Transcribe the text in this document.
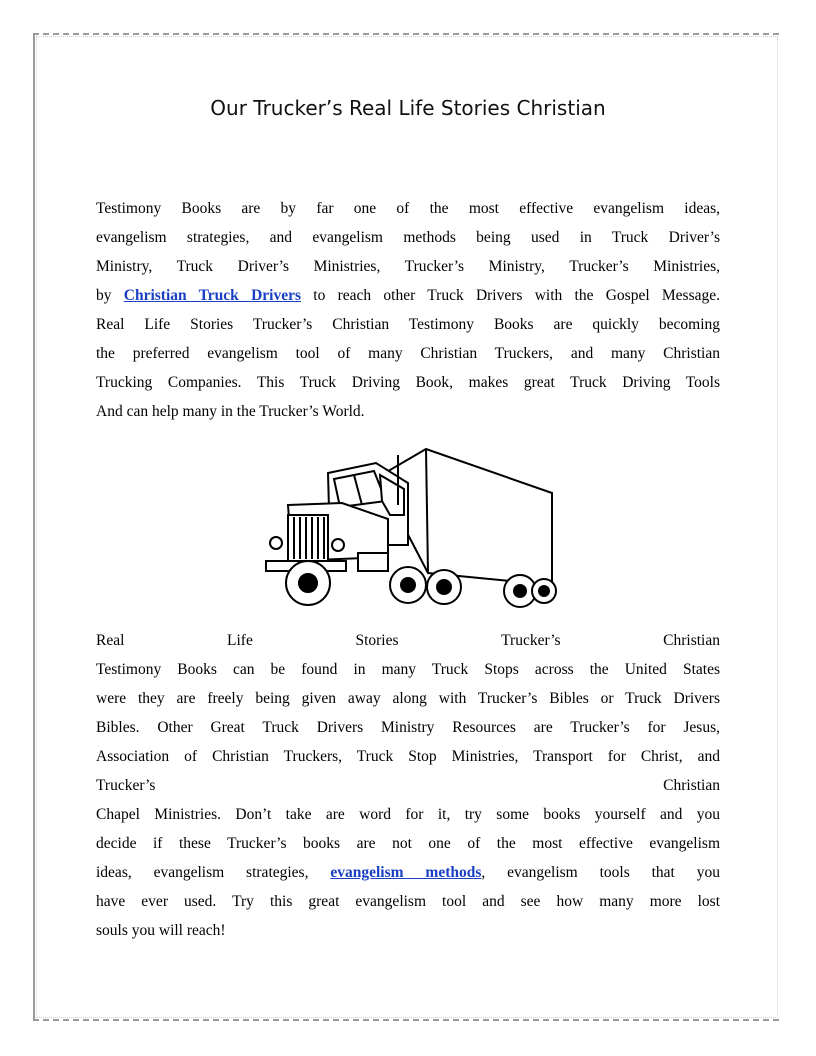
Our Trucker’s Real Life Stories Christian
Testimony Books are by far one of the most effective evangelism ideas,
evangelism strategies, and evangelism methods being used in Truck Driver’s
Ministry, Truck Driver’s Ministries, Trucker’s Ministry, Trucker’s Ministries,
by Christian Truck Drivers to reach other Truck Drivers with the Gospel Message.
Real Life Stories Trucker’s Christian Testimony Books are quickly becoming
the preferred evangelism tool of many Christian Truckers, and many Christian
Trucking Companies. This Truck Driving Book, makes great Truck Driving Tools
And can help many in the Trucker’s World.
Real	Life	Stories	Trucker’s	Christian
Testimony Books can be found in many Truck Stops across the United States
were they are freely being given away along with Trucker’s Bibles or Truck Drivers
Bibles. Other Great Truck Drivers Ministry Resources are Trucker’s for Jesus,
Association of Christian Truckers, Truck Stop Ministries, Transport for Christ, and
Trucker’s	Christian
Chapel Ministries. Don’t take are word for it, try some books yourself and you
decide if these Trucker’s books are not one of the most effective evangelism
ideas, evangelism strategies, evangelism methods, evangelism tools that you
have ever used. Try this great evangelism tool and see how many more lost
souls you will reach!
